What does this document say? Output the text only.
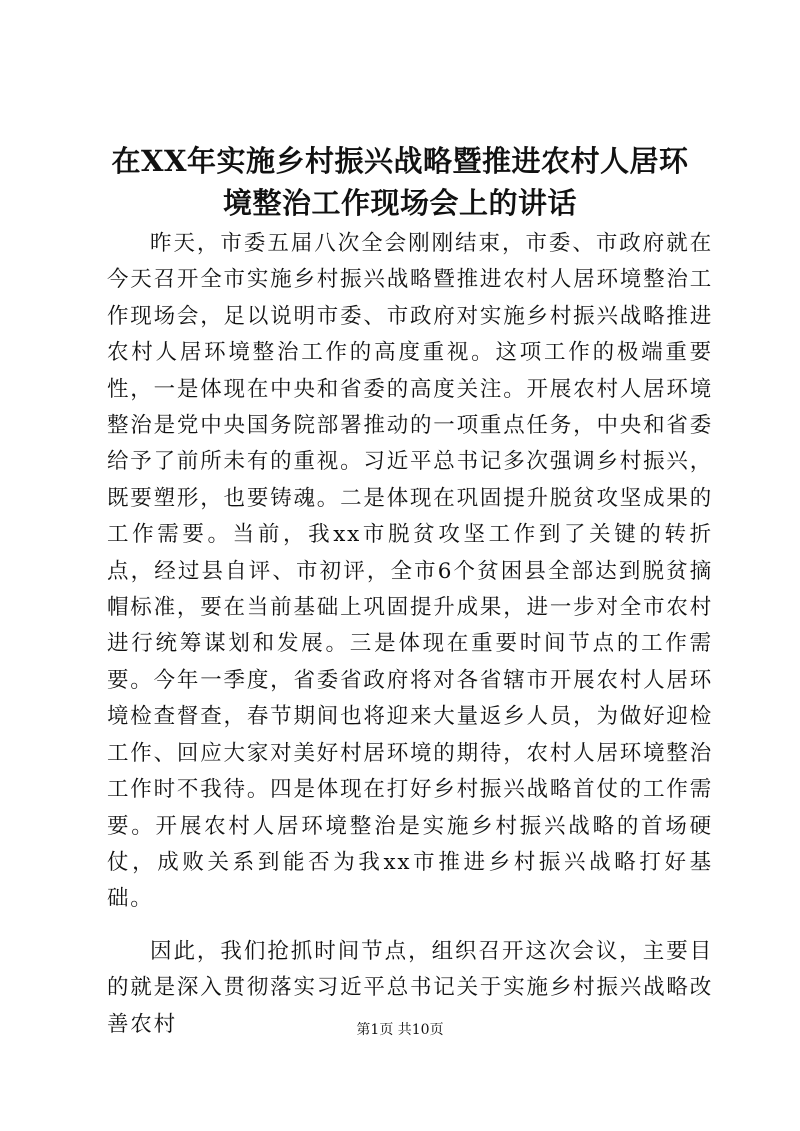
在XX年实施乡村振兴战略暨推进农村人居环境整治工作现场会上的讲话

昨天，市委五届八次全会刚刚结束，市委、市政府就在今天召开全市实施乡村振兴战略暨推进农村人居环境整治工作现场会，足以说明市委、市政府对实施乡村振兴战略推进农村人居环境整治工作的高度重视。这项工作的极端重要性，一是体现在中央和省委的高度关注。开展农村人居环境整治是党中央国务院部署推动的一项重点任务，中央和省委给予了前所未有的重视。习近平总书记多次强调乡村振兴，既要塑形，也要铸魂。二是体现在巩固提升脱贫攻坚成果的工作需要。当前，我xx市脱贫攻坚工作到了关键的转折点，经过县自评、市初评，全市6个贫困县全部达到脱贫摘帽标准，要在当前基础上巩固提升成果，进一步对全市农村进行统筹谋划和发展。三是体现在重要时间节点的工作需要。今年一季度，省委省政府将对各省辖市开展农村人居环境检查督查，春节期间也将迎来大量返乡人员，为做好迎检工作、回应大家对美好村居环境的期待，农村人居环境整治工作时不我待。四是体现在打好乡村振兴战略首仗的工作需要。开展农村人居环境整治是实施乡村振兴战略的首场硬仗，成败关系到能否为我xx市推进乡村振兴战略打好基础。

因此，我们抢抓时间节点，组织召开这次会议，主要目的就是深入贯彻落实习近平总书记关于实施乡村振兴战略改善农村	第1页 共10页
